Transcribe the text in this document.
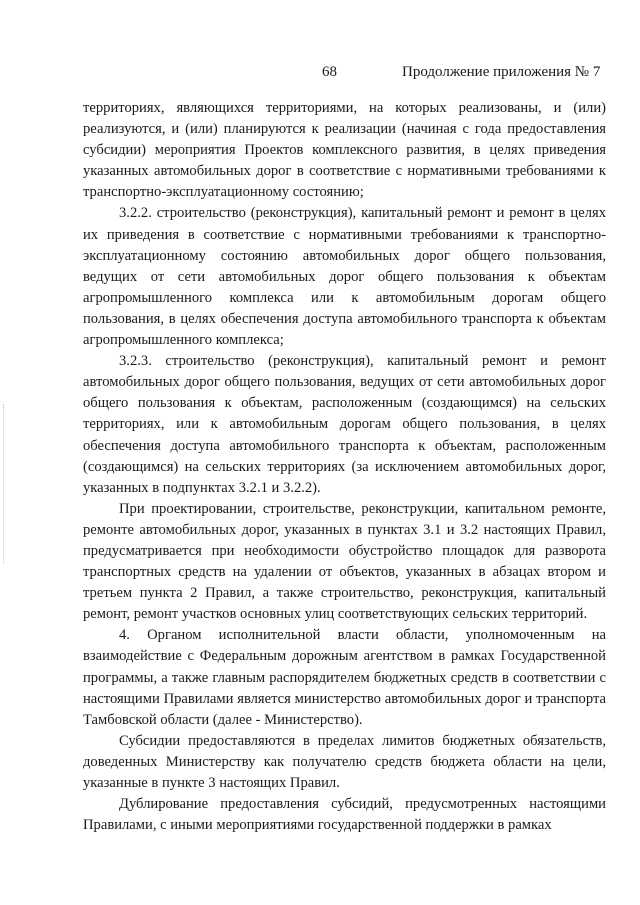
68	Продолжение приложения № 7

территориях, являющихся территориями, на которых реализованы, и (или) реализуются, и (или) планируются к реализации (начиная с года предоставления субсидии) мероприятия Проектов комплексного развития, в целях приведения указанных автомобильных дорог в соответствие с нормативными требованиями к транспортно-эксплуатационному состоянию;

3.2.2. строительство (реконструкция), капитальный ремонт и ремонт в целях их приведения в соответствие с нормативными требованиями к транспортно-эксплуатационному состоянию автомобильных дорог общего пользования, ведущих от сети автомобильных дорог общего пользования к объектам агропромышленного комплекса или к автомобильным дорогам общего пользования, в целях обеспечения доступа автомобильного транспорта к объектам агропромышленного комплекса;

3.2.3. строительство (реконструкция), капитальный ремонт и ремонт автомобильных дорог общего пользования, ведущих от сети автомобильных дорог общего пользования к объектам, расположенным (создающимся) на сельских территориях, или к автомобильным дорогам общего пользования, в целях обеспечения доступа автомобильного транспорта к объектам, расположенным (создающимся) на сельских территориях (за исключением автомобильных дорог, указанных в подпунктах 3.2.1 и 3.2.2).

При проектировании, строительстве, реконструкции, капитальном ремонте, ремонте автомобильных дорог, указанных в пунктах 3.1 и 3.2 настоящих Правил, предусматривается при необходимости обустройство площадок для разворота транспортных средств на удалении от объектов, указанных в абзацах втором и третьем пункта 2 Правил, а также строительство, реконструкция, капитальный ремонт, ремонт участков основных улиц соответствующих сельских территорий.

4. Органом исполнительной власти области, уполномоченным на взаимодействие с Федеральным дорожным агентством в рамках Государственной программы, а также главным распорядителем бюджетных средств в соответствии с настоящими Правилами является министерство автомобильных дорог и транспорта Тамбовской области (далее - Министерство).

Субсидии предоставляются в пределах лимитов бюджетных обязательств, доведенных Министерству как получателю средств бюджета области на цели, указанные в пункте 3 настоящих Правил.

Дублирование предоставления субсидий, предусмотренных настоящими Правилами, с иными мероприятиями государственной поддержки в рамках
